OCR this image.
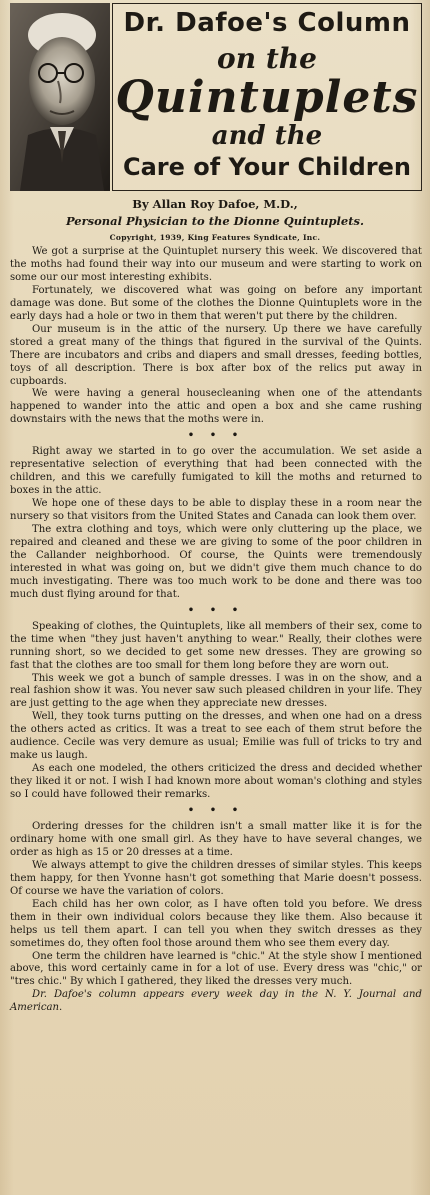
Dr. Dafoe's Column
on the
Quintuplets
and the
Care of Your Children
By Allan Roy Dafoe, M.D.,
Personal Physician to the Dionne Quintuplets.
Copyright, 1939, King Features Syndicate, Inc.

We got a surprise at the Quintuplet nursery this week. We discovered that the moths had found their way into our museum and were starting to work on some our our most interesting exhibits.

Fortunately, we discovered what was going on before any important damage was done. But some of the clothes the Dionne Quintuplets wore in the early days had a hole or two in them that weren't put there by the children.

Our museum is in the attic of the nursery. Up there we have carefully stored a great many of the things that figured in the survival of the Quints. There are incubators and cribs and diapers and small dresses, feeding bottles, toys of all description. There is box after box of the relics put away in cupboards.

We were having a general housecleaning when one of the attendants happened to wander into the attic and open a box and she came rushing downstairs with the news that the moths were in.

• • •

Right away we started in to go over the accumulation. We set aside a representative selection of everything that had been connected with the children, and this we carefully fumigated to kill the moths and returned to boxes in the attic.

We hope one of these days to be able to display these in a room near the nursery so that visitors from the United States and Canada can look them over.

The extra clothing and toys, which were only cluttering up the place, we repaired and cleaned and these we are giving to some of the poor children in the Callander neighborhood. Of course, the Quints were tremendously interested in what was going on, but we didn't give them much chance to do much investigating. There was too much work to be done and there was too much dust flying around for that.

• • •

Speaking of clothes, the Quintuplets, like all members of their sex, come to the time when "they just haven't anything to wear." Really, their clothes were running short, so we decided to get some new dresses. They are growing so fast that the clothes are too small for them long before they are worn out.

This week we got a bunch of sample dresses. I was in on the show, and a real fashion show it was. You never saw such pleased children in your life. They are just getting to the age when they appreciate new dresses.

Well, they took turns putting on the dresses, and when one had on a dress the others acted as critics. It was a treat to see each of them strut before the audience. Cecile was very demure as usual; Emilie was full of tricks to try and make us laugh.

As each one modeled, the others criticized the dress and decided whether they liked it or not. I wish I had known more about woman's clothing and styles so I could have followed their remarks.

• • •

Ordering dresses for the children isn't a small matter like it is for the ordinary home with one small girl. As they have to have several changes, we order as high as 15 or 20 dresses at a time.

We always attempt to give the children dresses of similar styles. This keeps them happy, for then Yvonne hasn't got something that Marie doesn't possess. Of course we have the variation of colors.

Each child has her own color, as I have often told you before. We dress them in their own individual colors because they like them. Also because it helps us tell them apart. I can tell you when they switch dresses as they sometimes do, they often fool those around them who see them every day.

One term the children have learned is "chic." At the style show I mentioned above, this word certainly came in for a lot of use. Every dress was "chic," or "tres chic." By which I gathered, they liked the dresses very much.

Dr. Dafoe's column appears every week day in the N. Y. Journal and American.
